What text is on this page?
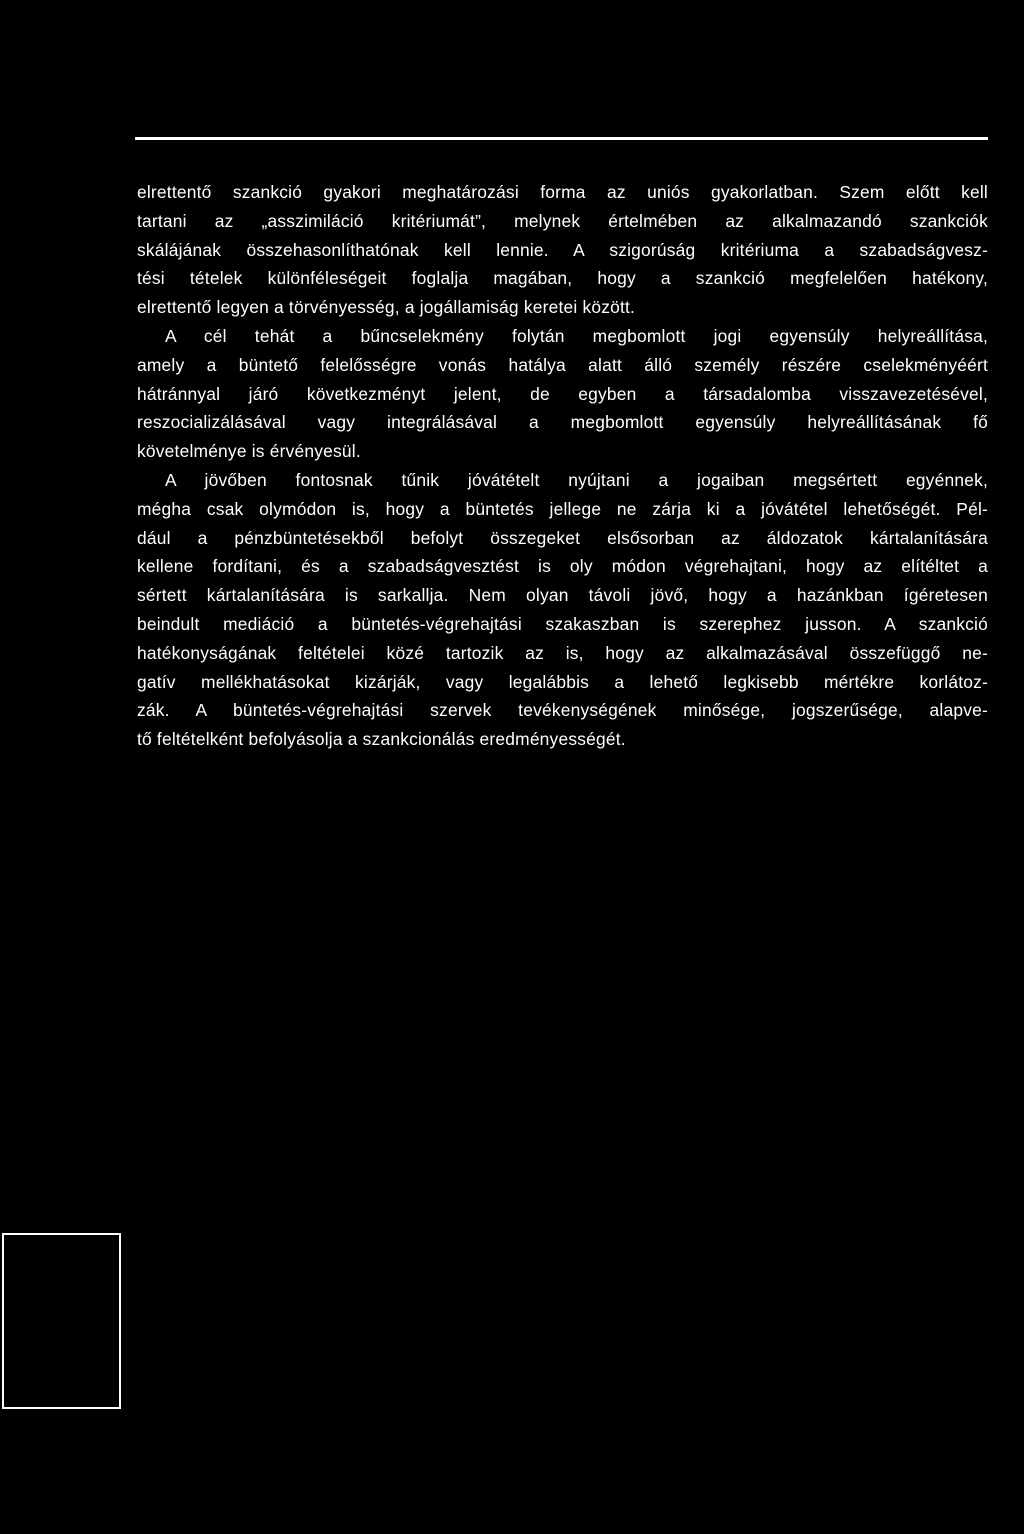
elrettentő szankció gyakori meghatározási forma az uniós gyakorlatban. Szem előtt kell
tartani az „asszimiláció kritériumát”, melynek értelmében az alkalmazandó szankciók
skálájának összehasonlíthatónak kell lennie. A szigorúság kritériuma a szabadságvesz-
tési tételek különféleségeit foglalja magában, hogy a szankció megfelelően hatékony,
elrettentő legyen a törvényesség, a jogállamiság keretei között.

A cél tehát a bűncselekmény folytán megbomlott jogi egyensúly helyreállítása,
amely a büntető felelősségre vonás hatálya alatt álló személy részére cselekményéért
hátránnyal járó következményt jelent, de egyben a társadalomba visszavezetésével,
reszocializálásával vagy integrálásával a megbomlott egyensúly helyreállításának fő
követelménye is érvényesül.

A jövőben fontosnak tűnik jóvátételt nyújtani a jogaiban megsértett egyénnek,
mégha csak olymódon is, hogy a büntetés jellege ne zárja ki a jóvátétel lehetőségét. Pél-
dául a pénzbüntetésekből befolyt összegeket elsősorban az áldozatok kártalanítására
kellene fordítani, és a szabadságvesztést is oly módon végrehajtani, hogy az elítéltet a
sértett kártalanítására is sarkallja. Nem olyan távoli jövő, hogy a hazánkban ígéretesen
beindult mediáció a büntetés-végrehajtási szakaszban is szerephez jusson. A szankció
hatékonyságának feltételei közé tartozik az is, hogy az alkalmazásával összefüggő ne-
gatív mellékhatásokat kizárják, vagy legalábbis a lehető legkisebb mértékre korlátoz-
zák. A büntetés-végrehajtási szervek tevékenységének minősége, jogszerűsége, alapve-
tő feltételként befolyásolja a szankcionálás eredményességét.
